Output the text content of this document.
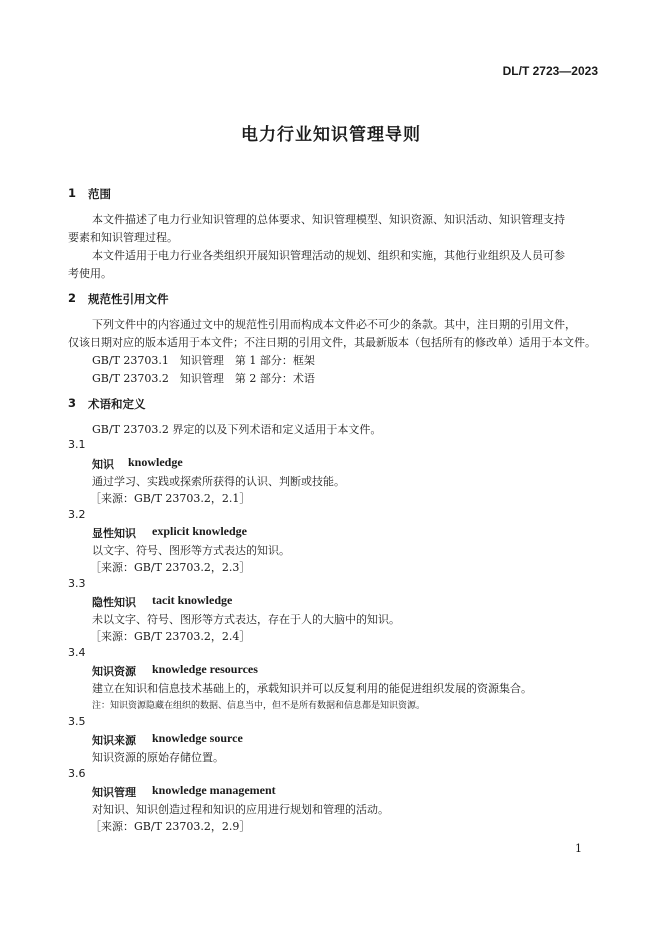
DL/T 2723—2023
电力行业知识管理导则
1 范围
本文件描述了电力行业知识管理的总体要求、知识管理模型、知识资源、知识活动、知识管理支持
要素和知识管理过程。
本文件适用于电力行业各类组织开展知识管理活动的规划、组织和实施，其他行业组织及人员可参
考使用。
2 规范性引用文件
下列文件中的内容通过文中的规范性引用而构成本文件必不可少的条款。其中，注日期的引用文件，
仅该日期对应的版本适用于本文件；不注日期的引用文件，其最新版本（包括所有的修改单）适用于本文件。
GB/T 23703.1　知识管理　第 1 部分：框架
GB/T 23703.2　知识管理　第 2 部分：术语
3 术语和定义
GB/T 23703.2 界定的以及下列术语和定义适用于本文件。
3.1
知识 knowledge
通过学习、实践或探索所获得的认识、判断或技能。
［来源：GB/T 23703.2，2.1］
3.2
显性知识 explicit knowledge
以文字、符号、图形等方式表达的知识。
［来源：GB/T 23703.2，2.3］
3.3
隐性知识 tacit knowledge
未以文字、符号、图形等方式表达，存在于人的大脑中的知识。
［来源：GB/T 23703.2，2.4］
3.4
知识资源 knowledge resources
建立在知识和信息技术基础上的，承载知识并可以反复利用的能促进组织发展的资源集合。
注：知识资源隐藏在组织的数据、信息当中，但不是所有数据和信息都是知识资源。
3.5
知识来源 knowledge source
知识资源的原始存储位置。
3.6
知识管理 knowledge management
对知识、知识创造过程和知识的应用进行规划和管理的活动。
［来源：GB/T 23703.2，2.9］
1
